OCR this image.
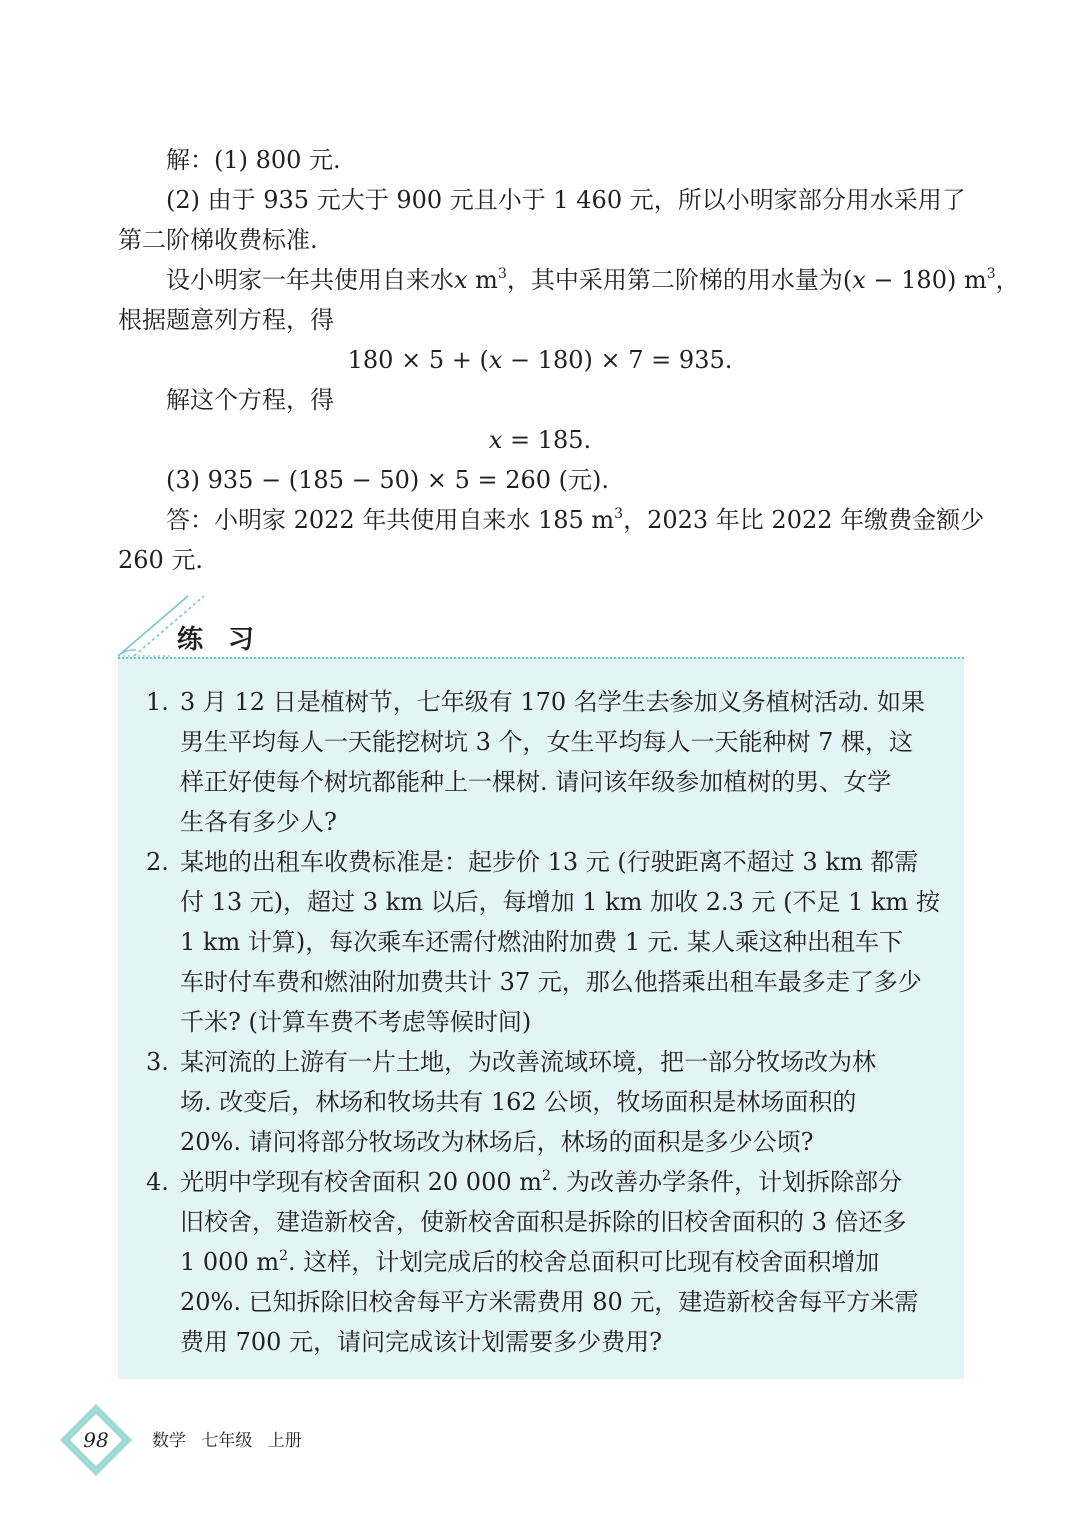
解：(1) 800 元.
(2) 由于 935 元大于 900 元且小于 1 460 元，所以小明家部分用水采用了
第二阶梯收费标准.
设小明家一年共使用自来水x $m^3$，其中采用第二阶梯的用水量为(x − 180) $m^3$，
根据题意列方程，得
180 × 5 + (x − 180) × 7 = 935.
解这个方程，得
x = 185.
(3) 935 − (185 − 50) × 5 = 260 (元).
答：小明家 2022 年共使用自来水 185 $m^3$，2023 年比 2022 年缴费金额少
260 元.
练 习
1. 3 月 12 日是植树节，七年级有 170 名学生去参加义务植树活动. 如果
男生平均每人一天能挖树坑 3 个，女生平均每人一天能种树 7 棵，这
样正好使每个树坑都能种上一棵树. 请问该年级参加植树的男、女学
生各有多少人?
2. 某地的出租车收费标准是：起步价 13 元 (行驶距离不超过 3 km 都需
付 13 元)，超过 3 km 以后，每增加 1 km 加收 2.3 元 (不足 1 km 按
1 km 计算)，每次乘车还需付燃油附加费 1 元. 某人乘这种出租车下
车时付车费和燃油附加费共计 37 元，那么他搭乘出租车最多走了多少
千米? (计算车费不考虑等候时间)
3. 某河流的上游有一片土地，为改善流域环境，把一部分牧场改为林
场. 改变后，林场和牧场共有 162 公顷，牧场面积是林场面积的
20%. 请问将部分牧场改为林场后，林场的面积是多少公顷?
4. 光明中学现有校舍面积 20 000 $m^2$. 为改善办学条件，计划拆除部分
旧校舍，建造新校舍，使新校舍面积是拆除的旧校舍面积的 3 倍还多
1 000 $m^2$. 这样，计划完成后的校舍总面积可比现有校舍面积增加
20%. 已知拆除旧校舍每平方米需费用 80 元，建造新校舍每平方米需
费用 700 元，请问完成该计划需要多少费用?
98	数学 七年级 上册
